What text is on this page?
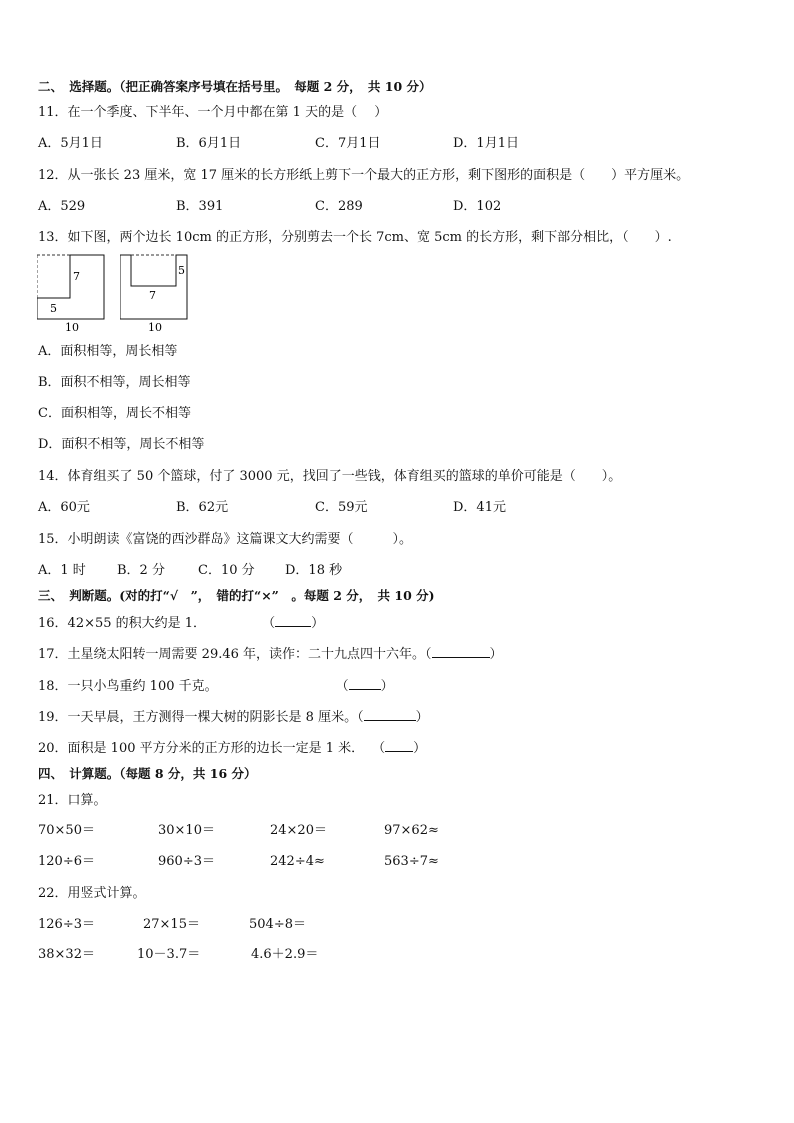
二、　选择题。（把正确答案序号填在括号里。　每题 2 分，　共 10 分）
11．在一个季度、下半年、一个月中都在第 1 天的是（　 ）
A．5月1日	B．6月1日	C．7月1日	D．1月1日
12．从一张长 23 厘米，宽 17 厘米的长方形纸上剪下一个最大的正方形，剩下图形的面积是（　　）平方厘米。
A．529	B．391	C．289	D．102
13．如下图，两个边长 10cm 的正方形，分别剪去一个长 7cm、宽 5cm 的长方形，剩下部分相比，（　　）.
7
5
10
7
5
10
A．面积相等，周长相等
B．面积不相等，周长相等
C．面积相等，周长不相等
D．面积不相等，周长不相等
14．体育组买了 50 个篮球，付了 3000 元，找回了一些钱，体育组买的篮球的单价可能是（　　）。
A．60元	B．62元	C．59元	D．41元
15．小明朗读《富饶的西沙群岛》这篇课文大约需要（　　　）。
A．1 时 B．2 分	C．10 分 D．18 秒
三、　判断题。(对的打“√　”，　错的打“×”　。每题 2 分，　共 10 分)
16．42×55 的积大约是 1．	（	）
17．土星绕太阳转一周需要 29.46 年，读作：二十九点四十六年。（	）
18．一只小鸟重约 100 千克。	（ ）
19．一天早晨，王方测得一棵大树的阴影长是 8 厘米。（	）
20．面积是 100 平方分米的正方形的边长一定是 1 米． （ ）
四、　计算题。（每题 8 分，共 16 分）
21．口算。
70×50＝	30×10＝	24×20＝	97×62≈
120÷6＝	960÷3＝	242÷4≈	563÷7≈
22．用竖式计算。
126÷3＝	27×15＝	504÷8＝
38×32＝	10－3.7＝	4.6＋2.9＝
